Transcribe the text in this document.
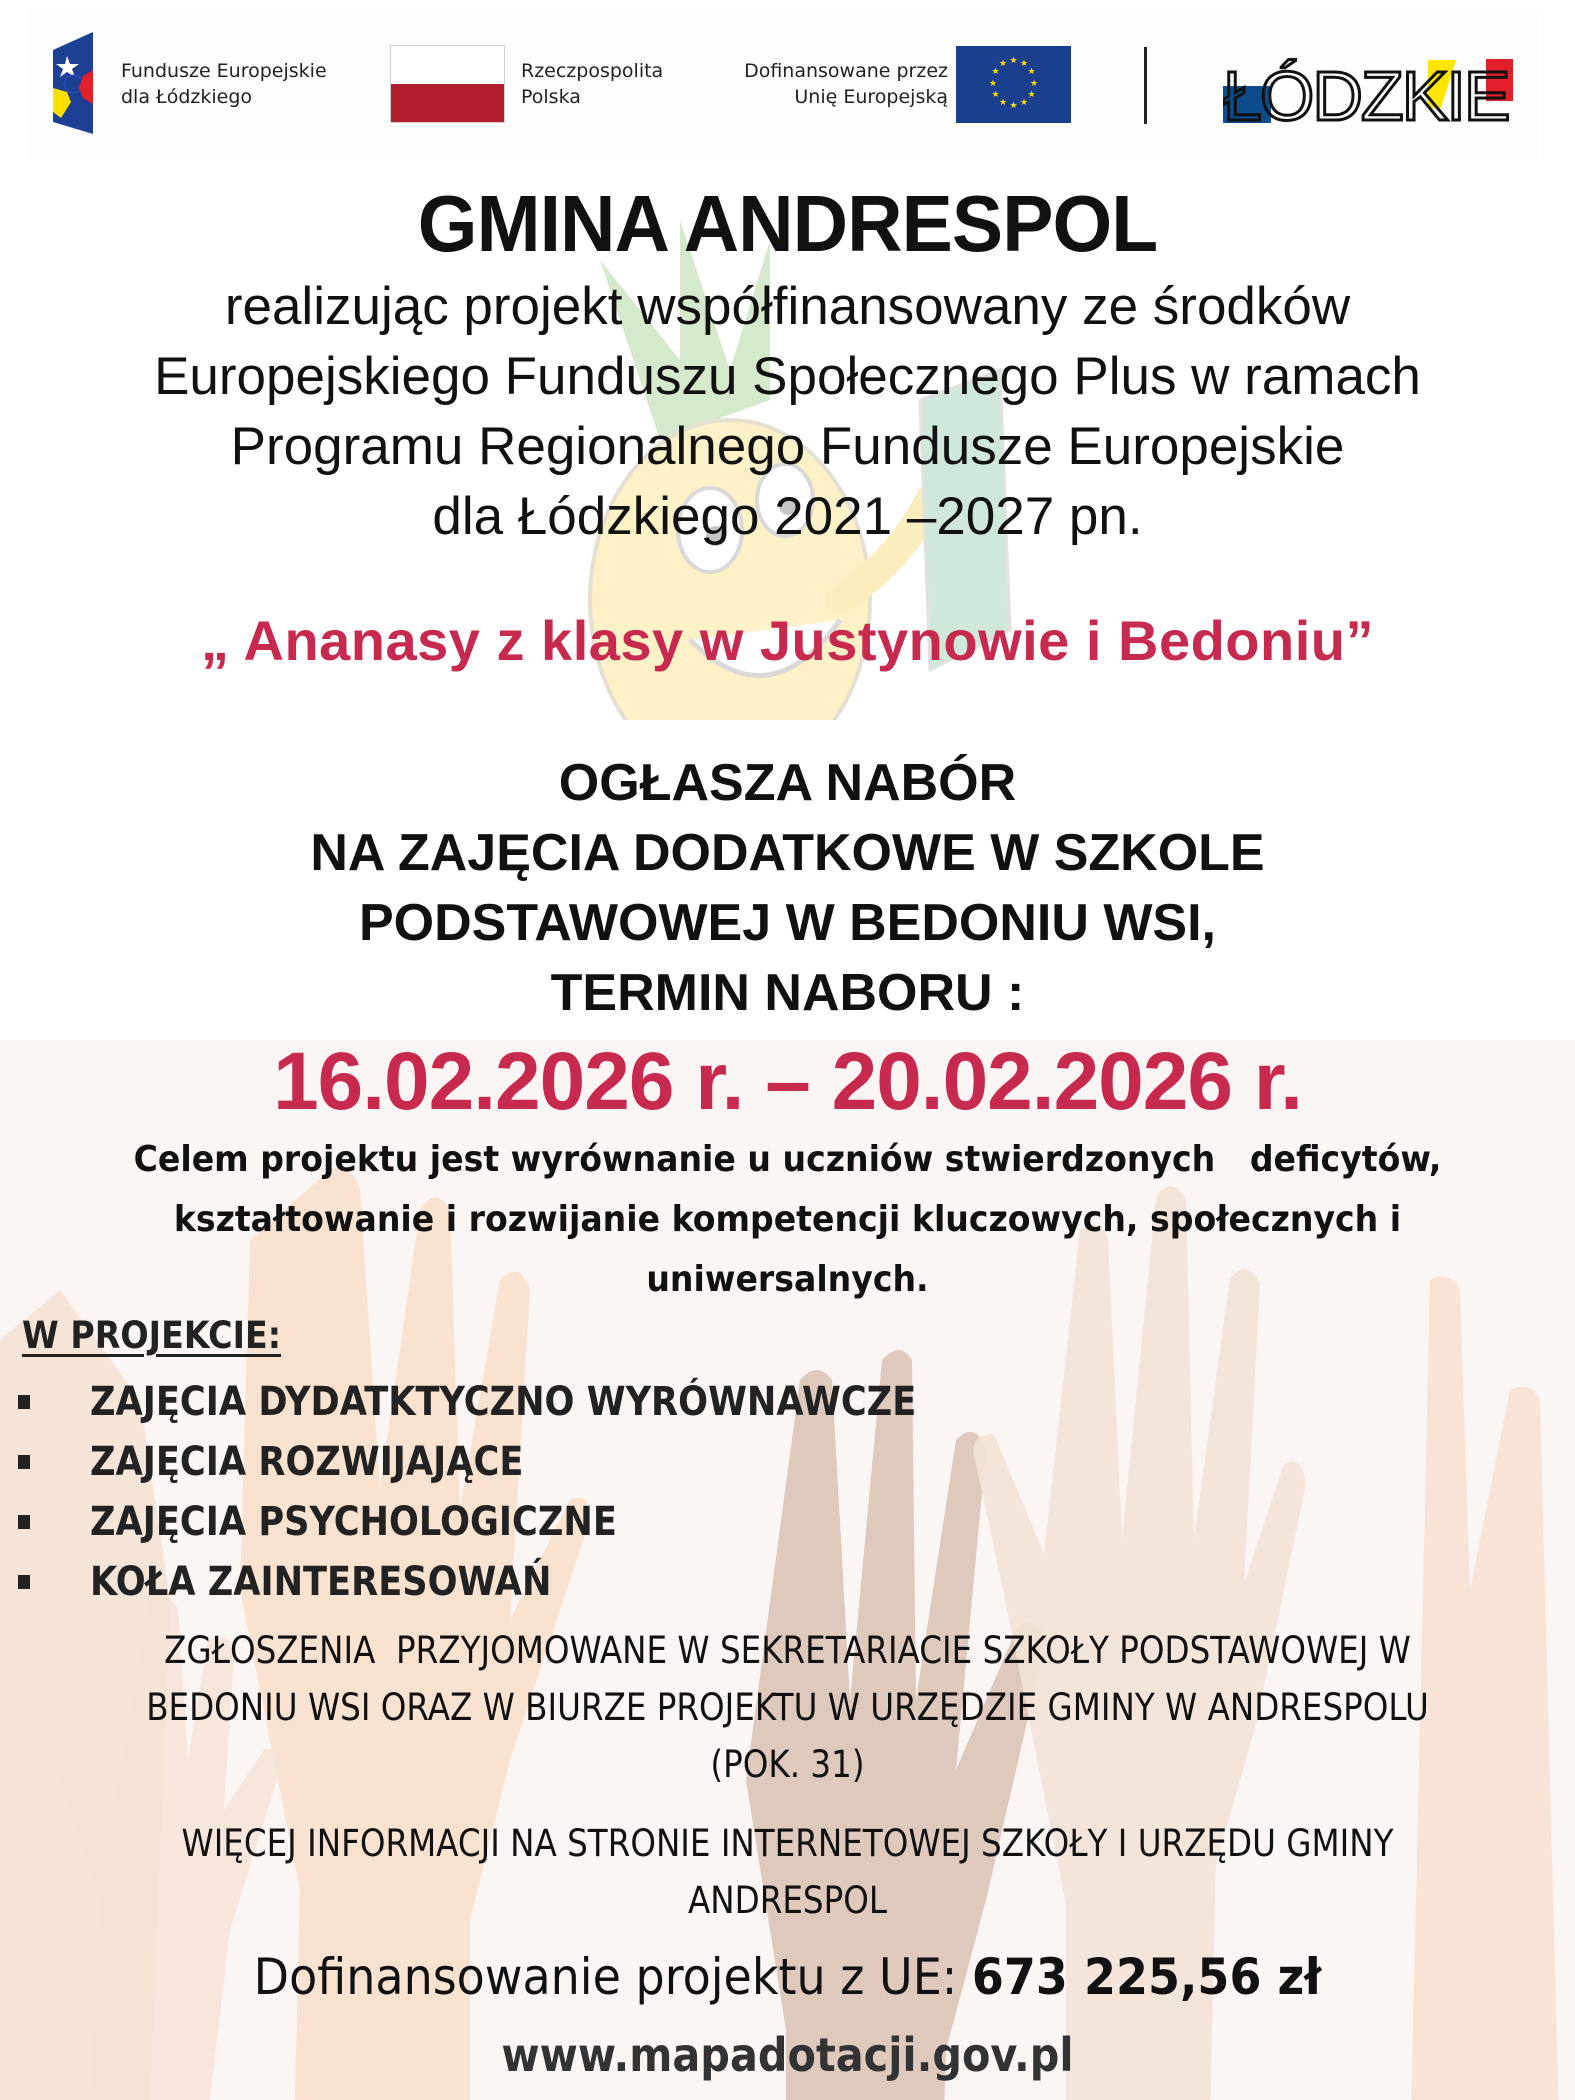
Fundusze Europejskie
dla Łódzkiego
Rzeczpospolita
Polska
Dofinansowane przez
Unię Europejską
★ ★
★
★
★
★
★
★
★
★
★
★	ŁÓDZKIE
GMINA ANDRESPOL
realizując projekt współfinansowany ze środków
Europejskiego Funduszu Społecznego Plus w ramach
Programu Regionalnego Fundusze Europejskie
dla Łódzkiego 2021 –2027 pn.
„ Ananasy z klasy w Justynowie i Bedoniu”
OGŁASZA NABÓR
NA ZAJĘCIA DODATKOWE W SZKOLE
PODSTAWOWEJ W BEDONIU WSI,
TERMIN NABORU :
16.02.2026 r. – 20.02.2026 r.
Celem projektu jest wyrównanie u uczniów stwierdzonych   deficytów,
kształtowanie i rozwijanie kompetencji kluczowych, społecznych i
uniwersalnych.
W PROJEKCIE:
ZAJĘCIA DYDATKTYCZNO WYRÓWNAWCZE
ZAJĘCIA ROZWIJAJĄCE
ZAJĘCIA PSYCHOLOGICZNE
KOŁA ZAINTERESOWAŃ
ZGŁOSZENIA  PRZYJOMOWANE W SEKRETARIACIE SZKOŁY PODSTAWOWEJ W
BEDONIU WSI ORAZ W BIURZE PROJEKTU W URZĘDZIE GMINY W ANDRESPOLU
(POK. 31)
WIĘCEJ INFORMACJI NA STRONIE INTERNETOWEJ SZKOŁY I URZĘDU GMINY
ANDRESPOL
Dofinansowanie projektu z UE: 673 225,56 zł
www.mapadotacji.gov.pl
